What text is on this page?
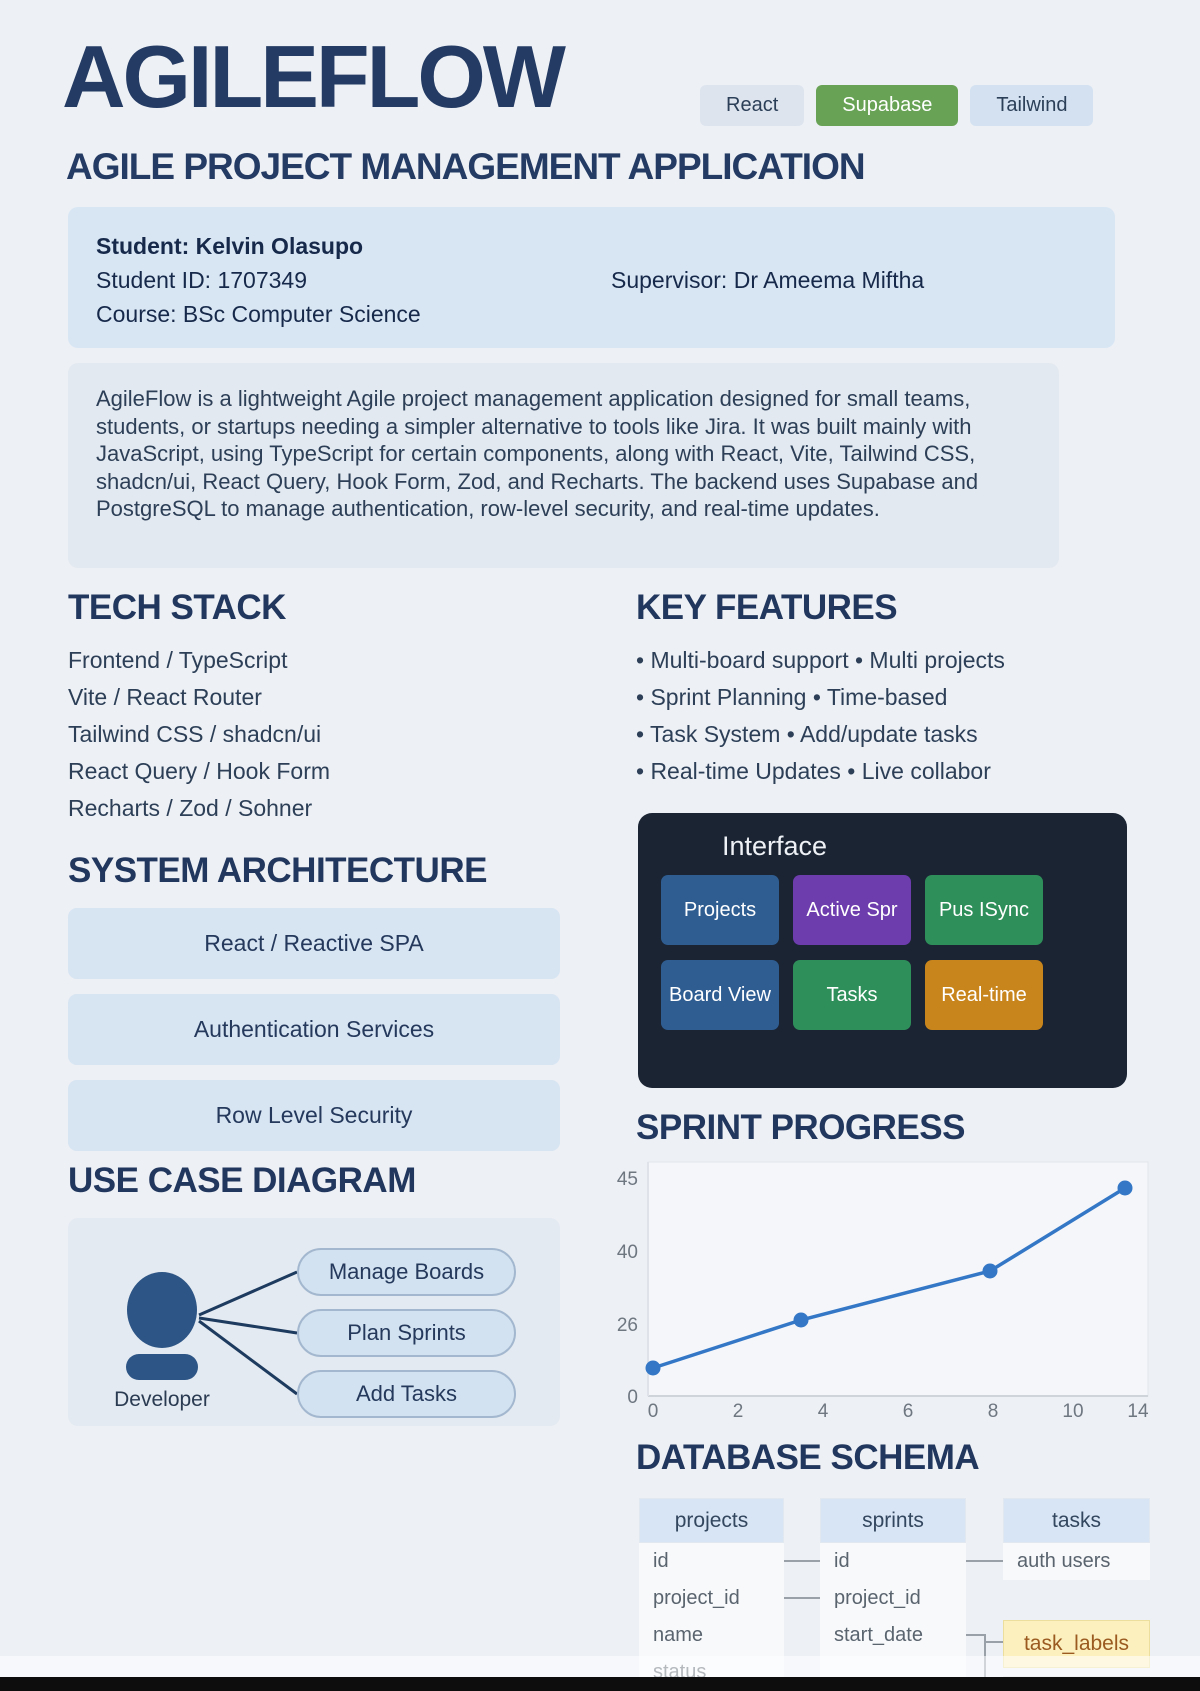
AGILEFLOW	React	Supabase	Tailwind
AGILE PROJECT MANAGEMENT APPLICATION
Student: Kelvin Olasupo
Student ID: 1707349	Supervisor: Dr Ameema Miftha
Course: BSc Computer Science
AgileFlow is a lightweight Agile project management application designed for small teams, students, or startups needing a simpler alternative to tools like Jira. It was built mainly with JavaScript, using TypeScript for certain components, along with React, Vite, Tailwind CSS, shadcn/ui, React Query, Hook Form, Zod, and Recharts. The backend uses Supabase and PostgreSQL to manage authentication, row-level security, and real-time updates.
TECH STACK
Frontend / TypeScript
Vite / React Router
Tailwind CSS / shadcn/ui
React Query / Hook Form
Recharts / Zod / Sohner
SYSTEM ARCHITECTURE
React / Reactive SPA
Authentication Services
Row Level Security
USE CASE DIAGRAM
Manage Boards
Plan Sprints
Add Tasks
Developer
KEY FEATURES
• Multi-board support • Multi projects
• Sprint Planning • Time-based
• Task System • Add/update tasks
• Real-time Updates • Live collabor
Interface
Projects	Active Spr	Pus ISync
Board View	Tasks	Real-time
SPRINT PROGRESS
45
40
26
0
0	2	4	6	8	10 14
DATABASE SCHEMA
projects
id
project_id
name
sprints
id
project_id
start_date
tasks
auth users
task_labels
